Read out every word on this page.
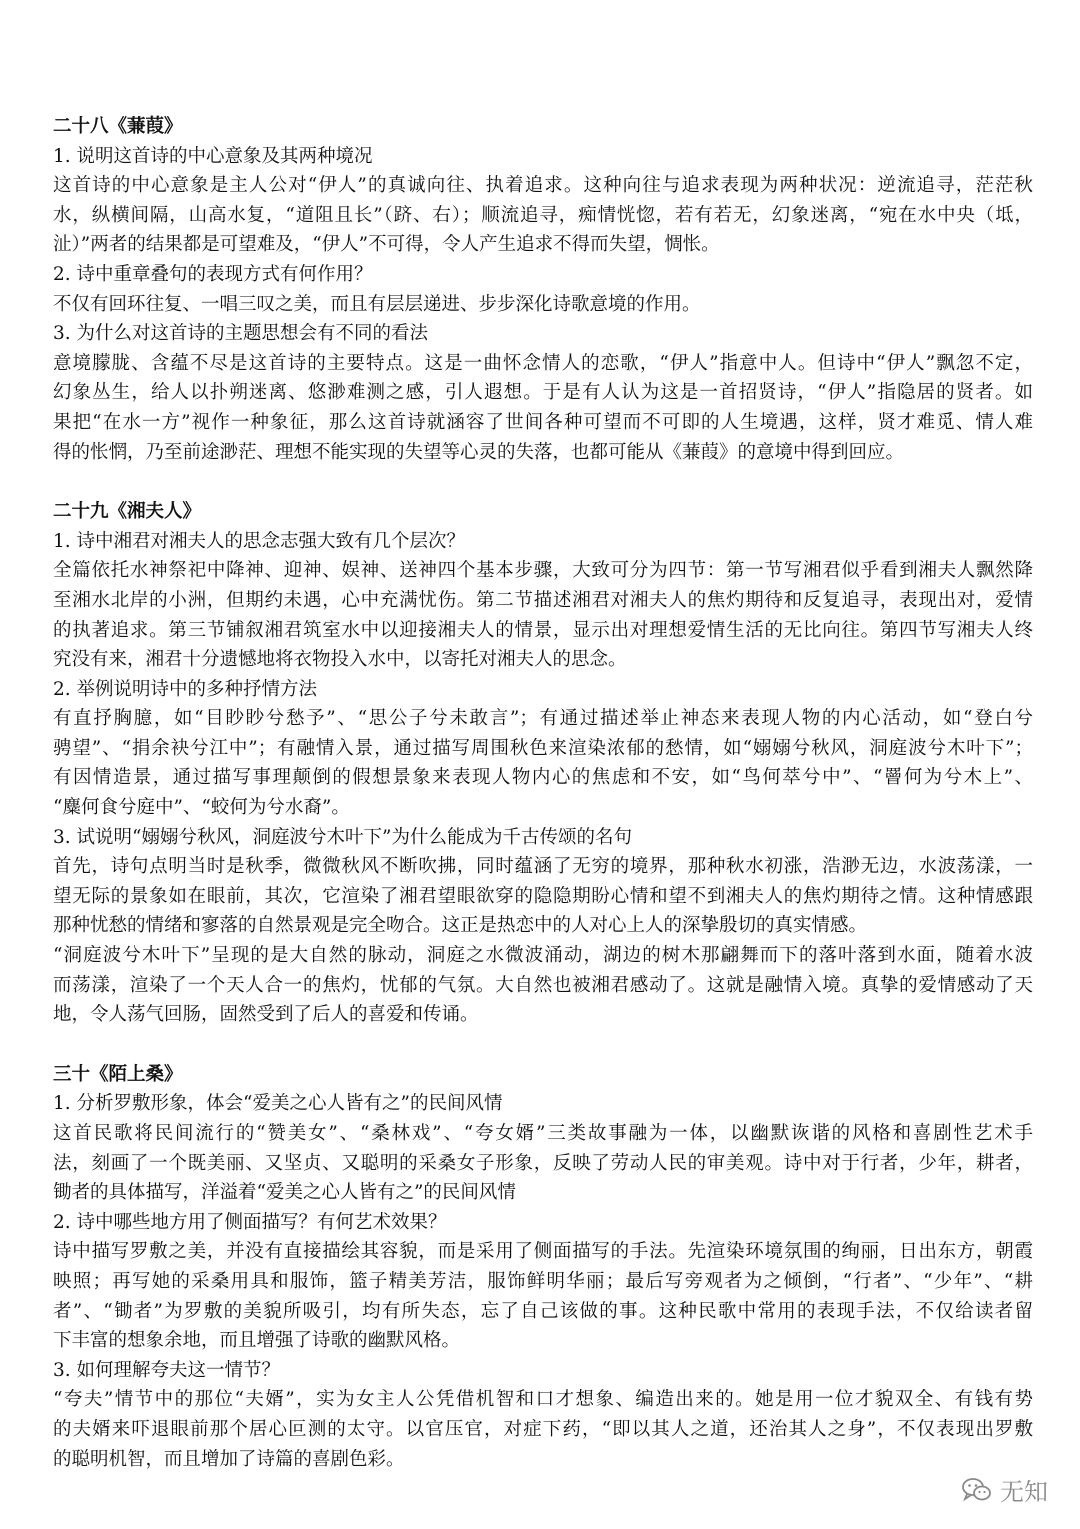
二十八《蒹葭》

1. 说明这首诗的中心意象及其两种境况

这首诗的中心意象是主人公对“伊人”的真诚向往、执着追求。这种向往与追求表现为两种状况：逆流追寻，茫茫秋

水，纵横间隔，山高水复，“道阻且长”（跻、右）；顺流追寻，痴情恍惚，若有若无，幻象迷离，“宛在水中央（坻，

沚）”两者的结果都是可望难及，“伊人”不可得，令人产生追求不得而失望，惆怅。

2. 诗中重章叠句的表现方式有何作用？

不仅有回环往复、一唱三叹之美，而且有层层递进、步步深化诗歌意境的作用。

3. 为什么对这首诗的主题思想会有不同的看法

意境朦胧、含蕴不尽是这首诗的主要特点。这是一曲怀念情人的恋歌，“伊人”指意中人。但诗中“伊人”飘忽不定，

幻象丛生，给人以扑朔迷离、悠渺难测之感，引人遐想。于是有人认为这是一首招贤诗，“伊人”指隐居的贤者。如

果把“在水一方”视作一种象征，那么这首诗就涵容了世间各种可望而不可即的人生境遇，这样，贤才难觅、情人难

得的怅惘，乃至前途渺茫、理想不能实现的失望等心灵的失落，也都可能从《蒹葭》的意境中得到回应。

二十九《湘夫人》

1. 诗中湘君对湘夫人的思念志强大致有几个层次？

全篇依托水神祭祀中降神、迎神、娱神、送神四个基本步骤，大致可分为四节：第一节写湘君似乎看到湘夫人飘然降

至湘水北岸的小洲，但期约未遇，心中充满忧伤。第二节描述湘君对湘夫人的焦灼期待和反复追寻，表现出对，爱情

的执著追求。第三节铺叙湘君筑室水中以迎接湘夫人的情景，显示出对理想爱情生活的无比向往。第四节写湘夫人终

究没有来，湘君十分遗憾地将衣物投入水中，以寄托对湘夫人的思念。

2. 举例说明诗中的多种抒情方法

有直抒胸臆，如“目眇眇兮愁予”、“思公子兮未敢言”；有通过描述举止神态来表现人物的内心活动，如“登白兮

骋望”、“捐余袂兮江中”；有融情入景，通过描写周围秋色来渲染浓郁的愁情，如“嫋嫋兮秋风，洞庭波兮木叶下”；

有因情造景，通过描写事理颠倒的假想景象来表现人物内心的焦虑和不安，如“鸟何萃兮中”、“罾何为兮木上”、

“麋何食兮庭中”、“蛟何为兮水裔”。

3. 试说明“嫋嫋兮秋风，洞庭波兮木叶下”为什么能成为千古传颂的名句

首先，诗句点明当时是秋季，微微秋风不断吹拂，同时蕴涵了无穷的境界，那种秋水初涨，浩渺无边，水波荡漾，一

望无际的景象如在眼前，其次，它渲染了湘君望眼欲穿的隐隐期盼心情和望不到湘夫人的焦灼期待之情。这种情感跟

那种忧愁的情绪和寥落的自然景观是完全吻合。这正是热恋中的人对心上人的深挚殷切的真实情感。

“洞庭波兮木叶下”呈现的是大自然的脉动，洞庭之水微波涌动，湖边的树木那翩舞而下的落叶落到水面，随着水波

而荡漾，渲染了一个天人合一的焦灼，忧郁的气氛。大自然也被湘君感动了。这就是融情入境。真挚的爱情感动了天

地，令人荡气回肠，固然受到了后人的喜爱和传诵。

三十《陌上桑》

1. 分析罗敷形象，体会“爱美之心人皆有之”的民间风情

这首民歌将民间流行的“赞美女”、“桑林戏”、“夸女婿”三类故事融为一体，以幽默诙谐的风格和喜剧性艺术手

法，刻画了一个既美丽、又坚贞、又聪明的采桑女子形象，反映了劳动人民的审美观。诗中对于行者，少年，耕者，

锄者的具体描写，洋溢着“爱美之心人皆有之”的民间风情

2. 诗中哪些地方用了侧面描写？有何艺术效果？

诗中描写罗敷之美，并没有直接描绘其容貌，而是采用了侧面描写的手法。先渲染环境氛围的绚丽，日出东方，朝霞

映照；再写她的采桑用具和服饰，篮子精美芳洁，服饰鲜明华丽；最后写旁观者为之倾倒，“行者”、“少年”、“耕

者”、“锄者”为罗敷的美貌所吸引，均有所失态，忘了自己该做的事。这种民歌中常用的表现手法，不仅给读者留

下丰富的想象余地，而且增强了诗歌的幽默风格。

3. 如何理解夸夫这一情节？

“夸夫”情节中的那位“夫婿”，实为女主人公凭借机智和口才想象、编造出来的。她是用一位才貌双全、有钱有势

的夫婿来吓退眼前那个居心叵测的太守。以官压官，对症下药，“即以其人之道，还治其人之身”，不仅表现出罗敷

的聪明机智，而且增加了诗篇的喜剧色彩。

无知
